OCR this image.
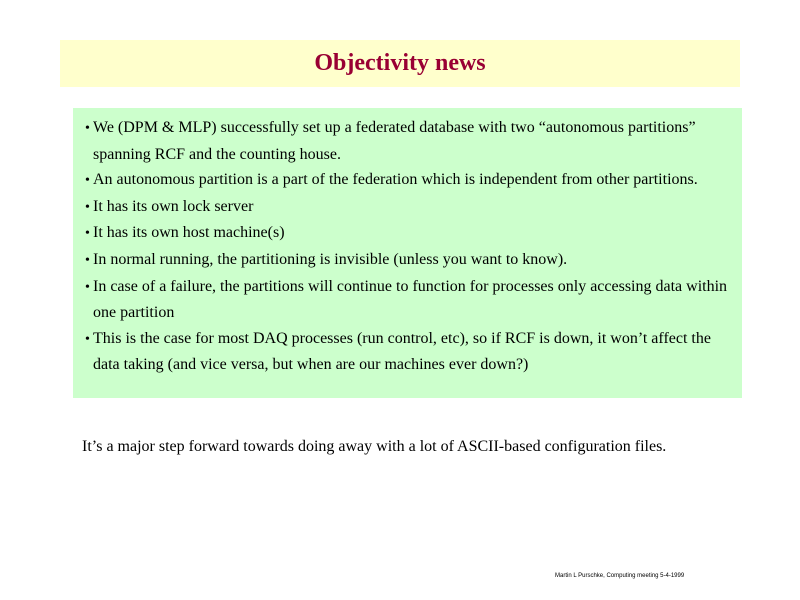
Objectivity news
• We (DPM & MLP) successfully set up a federated database with two “autonomous partitions” spanning RCF and the counting house.
• An autonomous partition is a part of the federation which is independent from other partitions.
• It has its own lock server
• It has its own host machine(s)
• In normal running, the partitioning is invisible (unless you want to know).
• In case of a failure, the partitions will continue to function for processes only accessing data within one partition
• This is the case for most DAQ processes (run control, etc), so if RCF is down, it won’t affect the data taking (and vice versa, but when are our machines ever down?)
It’s a major step forward towards doing away with a lot of ASCII-based configuration files.
Martin L Purschke, Computing meeting 5-4-1999
